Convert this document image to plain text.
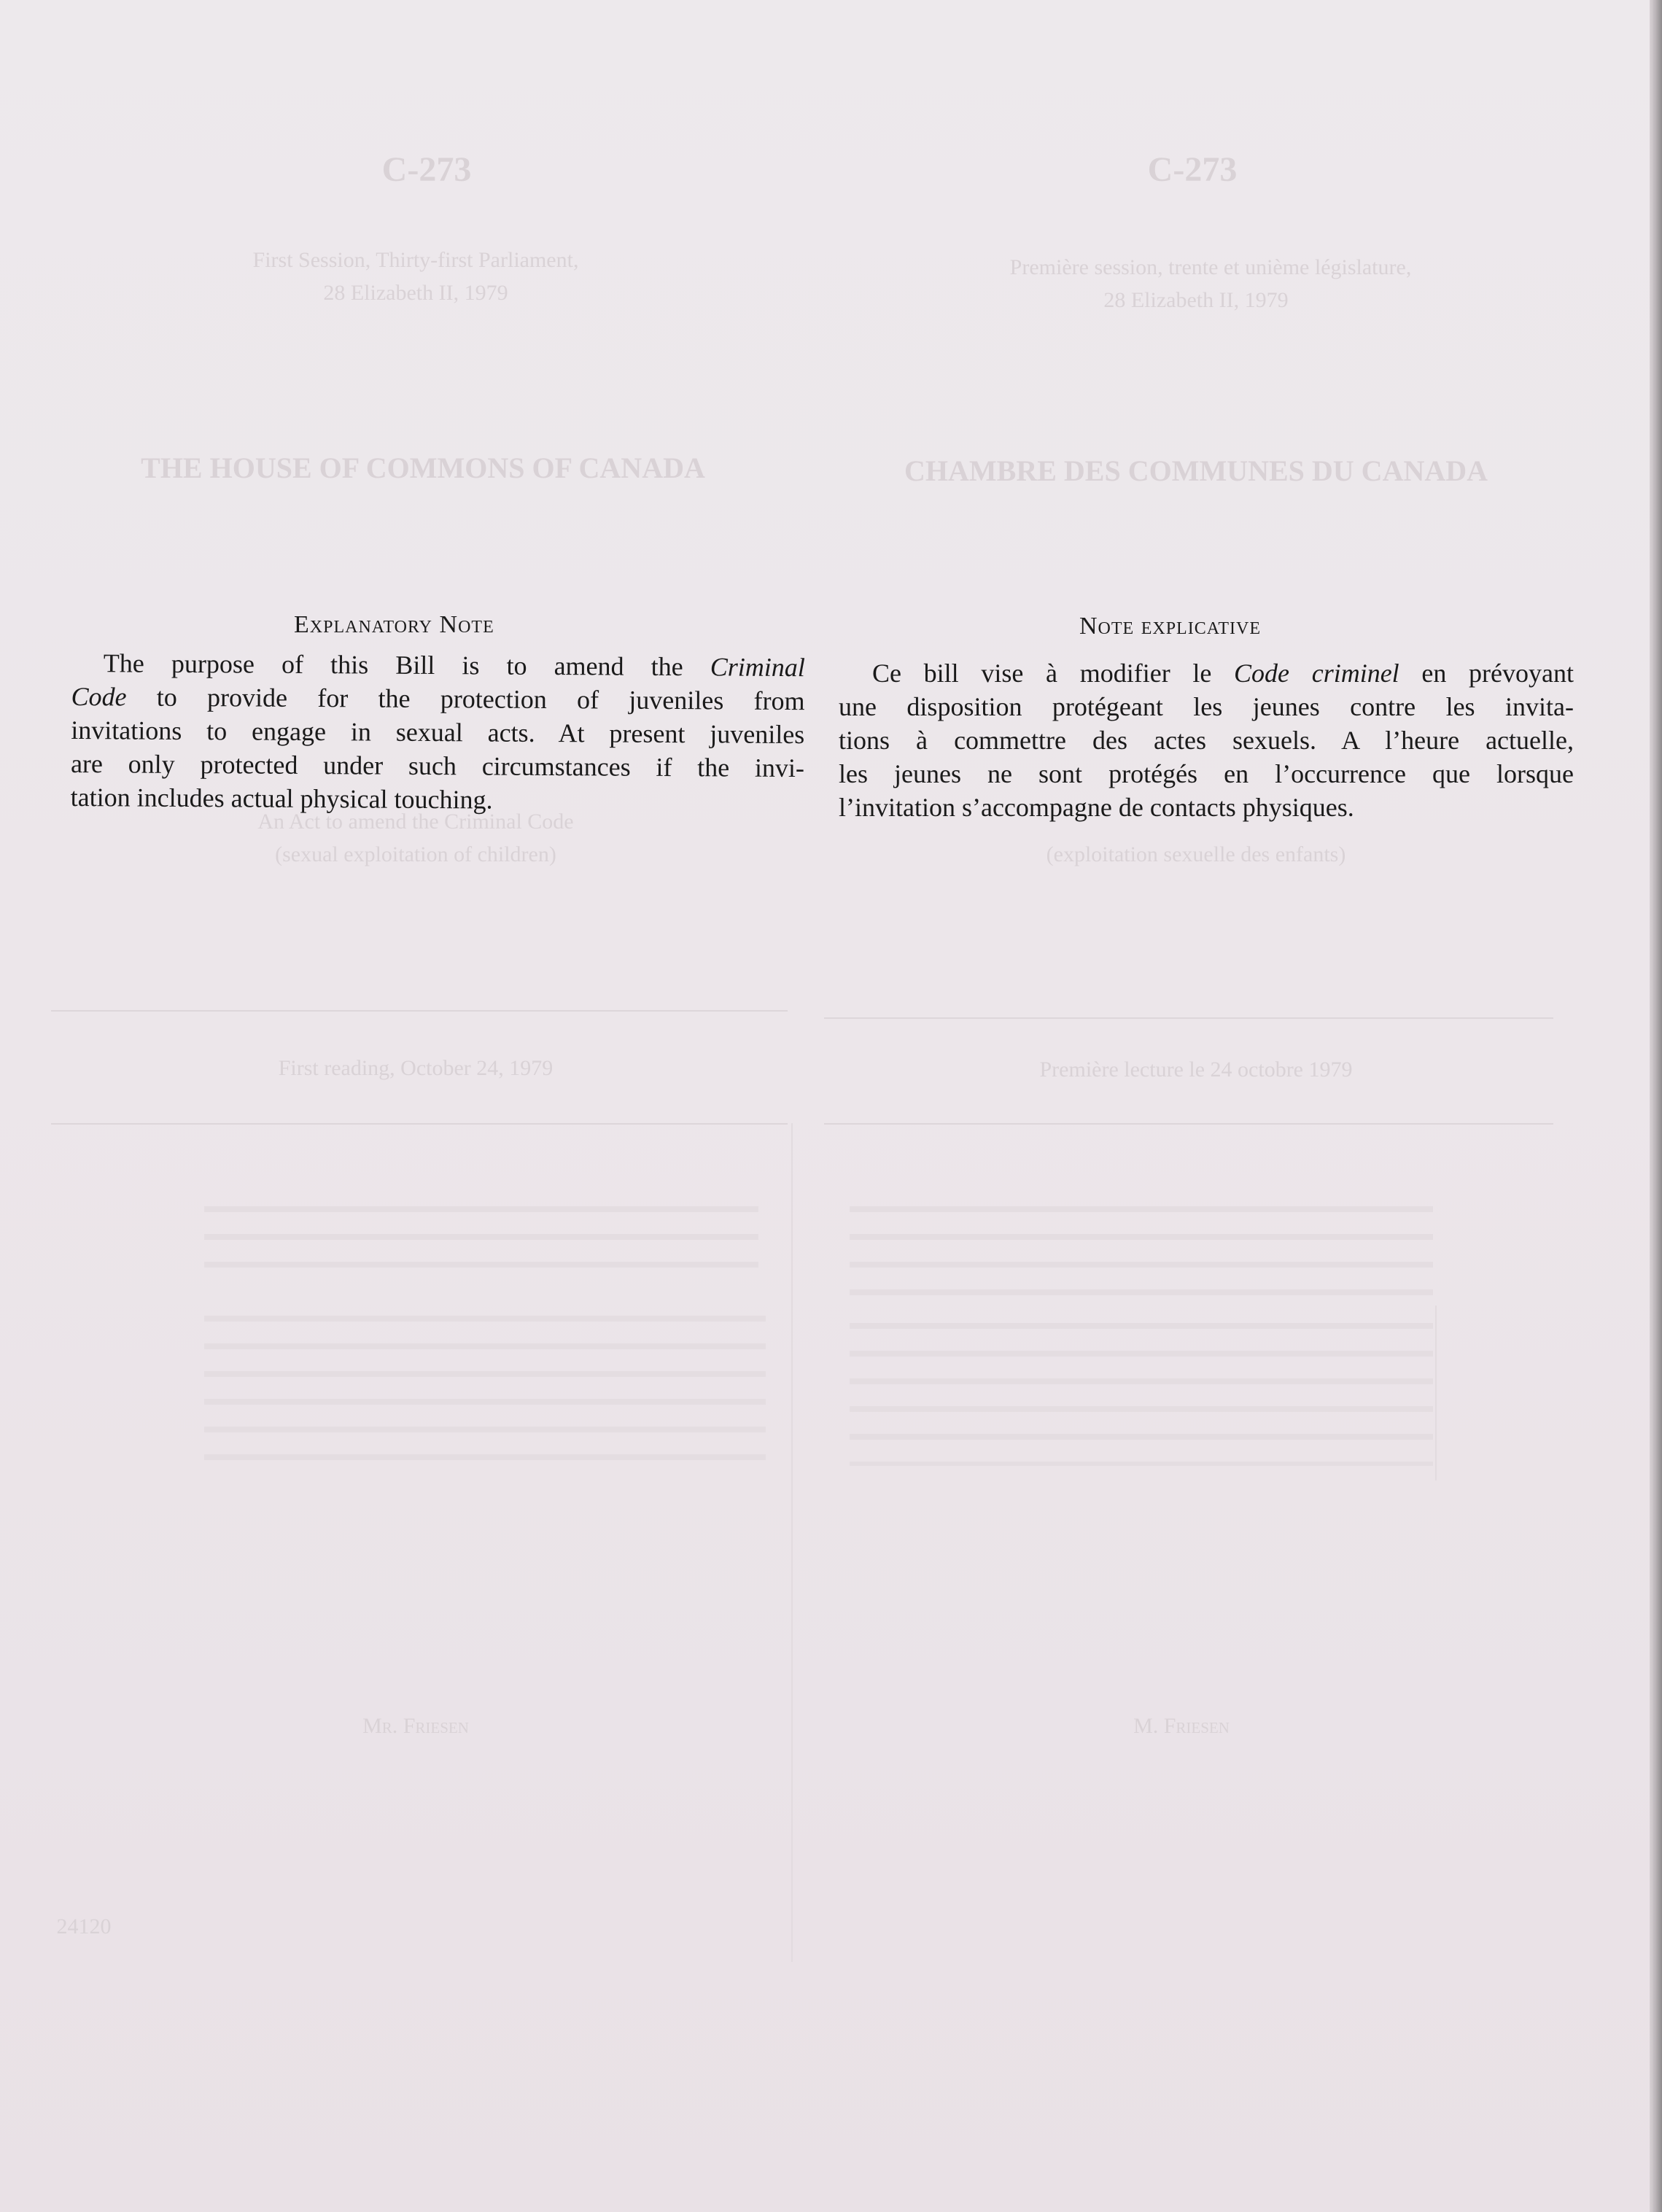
C-273
First Session, Thirty-first Parliament,
28 Elizabeth II, 1979
THE HOUSE OF COMMONS OF CANADA
An Act to amend the Criminal Code
(sexual exploitation of children)
First reading, October 24, 1979
Mr. Friesen
24120
C-273
Première session, trente et unième législature,
28 Elizabeth II, 1979
CHAMBRE DES COMMUNES DU CANADA
(exploitation sexuelle des enfants)
Première lecture le 24 octobre 1979
M. Friesen
Explanatory Note
The purpose of this Bill is to amend the Criminal
Code to provide for the protection of juveniles from
invitations to engage in sexual acts. At present juveniles
are only protected under such circumstances if the invi-
tation includes actual physical touching.
Note explicative
Ce bill vise à modifier le Code criminel en prévoyant
une disposition protégeant les jeunes contre les invita-
tions à commettre des actes sexuels. A l’heure actuelle,
les jeunes ne sont protégés en l’occurrence que lorsque
l’invitation s’accompagne de contacts physiques.
